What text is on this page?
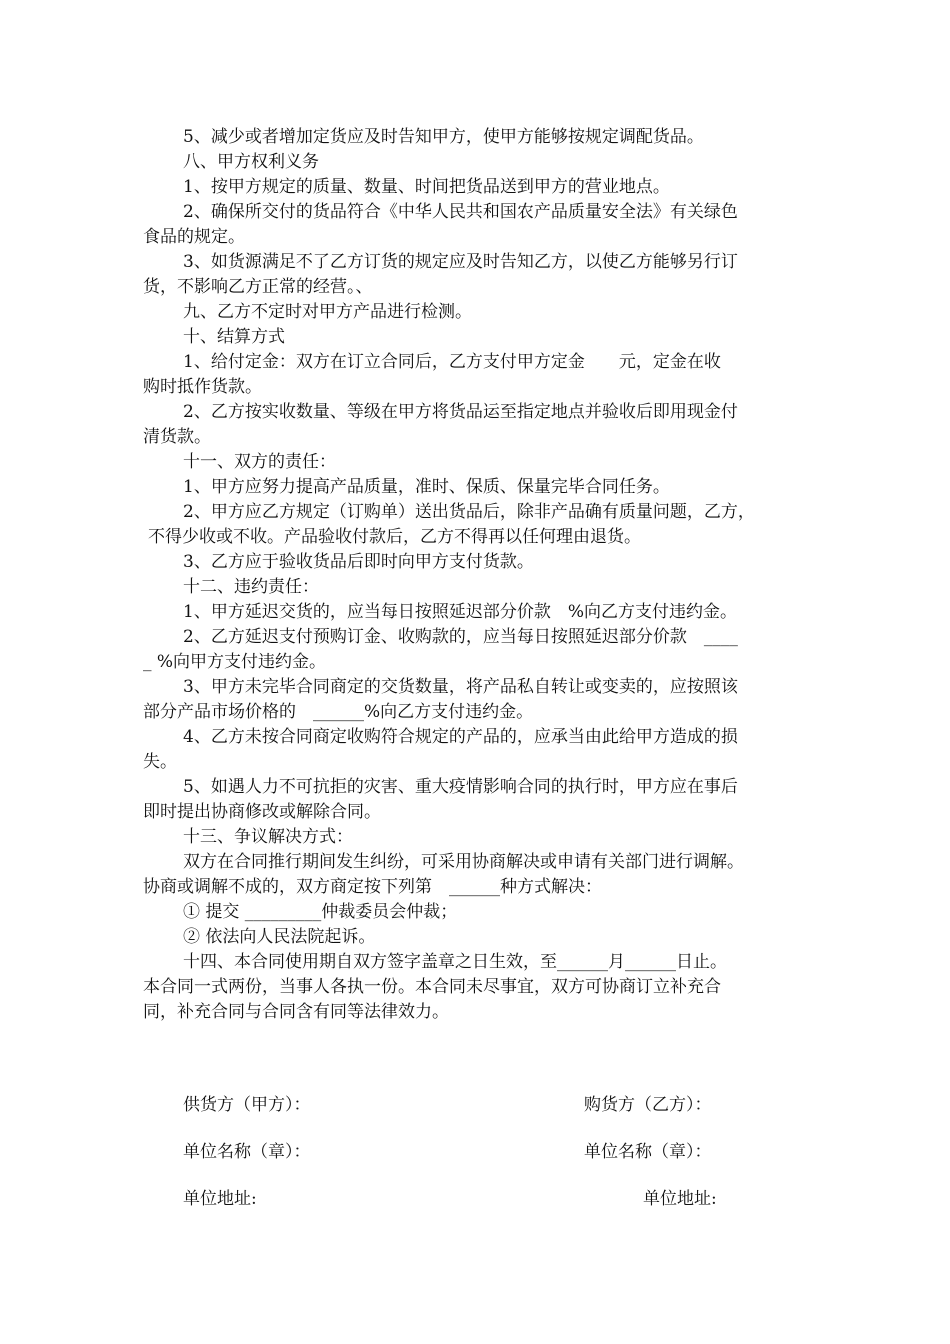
5、减少或者增加定货应及时告知甲方，使甲方能够按规定调配货品。
八、甲方权利义务
1、按甲方规定的质量、数量、时间把货品送到甲方的营业地点。
2、确保所交付的货品符合《中华人民共和国农产品质量安全法》有关绿色
食品的规定。
3、如货源满足不了乙方订货的规定应及时告知乙方，以使乙方能够另行订
货，不影响乙方正常的经营。、
九、乙方不定时对甲方产品进行检测。
十、结算方式
1、给付定金：双方在订立合同后，乙方支付甲方定金　　元，定金在收
购时抵作货款。
2、乙方按实收数量、等级在甲方将货品运至指定地点并验收后即用现金付
清货款。
十一、双方的责任：
1、甲方应努力提高产品质量，准时、保质、保量完毕合同任务。
2、甲方应乙方规定（订购单）送出货品后，除非产品确有质量问题，乙方，
不得少收或不收。产品验收付款后，乙方不得再以任何理由退货。
3、乙方应于验收货品后即时向甲方支付货款。
十二、违约责任：
1、甲方延迟交货的，应当每日按照延迟部分价款　%向乙方支付违约金。
2、乙方延迟支付预购订金、收购款的，应当每日按照延迟部分价款　____
_ %向甲方支付违约金。
3、甲方未完毕合同商定的交货数量，将产品私自转让或变卖的，应按照该
部分产品市场价格的　______%向乙方支付违约金。
4、乙方未按合同商定收购符合规定的产品的，应承当由此给甲方造成的损
失。
5、如遇人力不可抗拒的灾害、重大疫情影响合同的执行时，甲方应在事后
即时提出协商修改或解除合同。
十三、争议解决方式：
双方在合同推行期间发生纠纷，可采用协商解决或申请有关部门进行调解。
协商或调解不成的，双方商定按下列第　______种方式解决：
① 提交 _________仲裁委员会仲裁；
② 依法向人民法院起诉。
十四、本合同使用期自双方签字盖章之日生效，至______月______日止。
本合同一式两份，当事人各执一份。本合同未尽事宜，双方可协商订立补充合
同，补充合同与合同含有同等法律效力。
供货方（甲方）：	购货方（乙方）：
单位名称（章）：	单位名称（章）：
单位地址:	单位地址:
